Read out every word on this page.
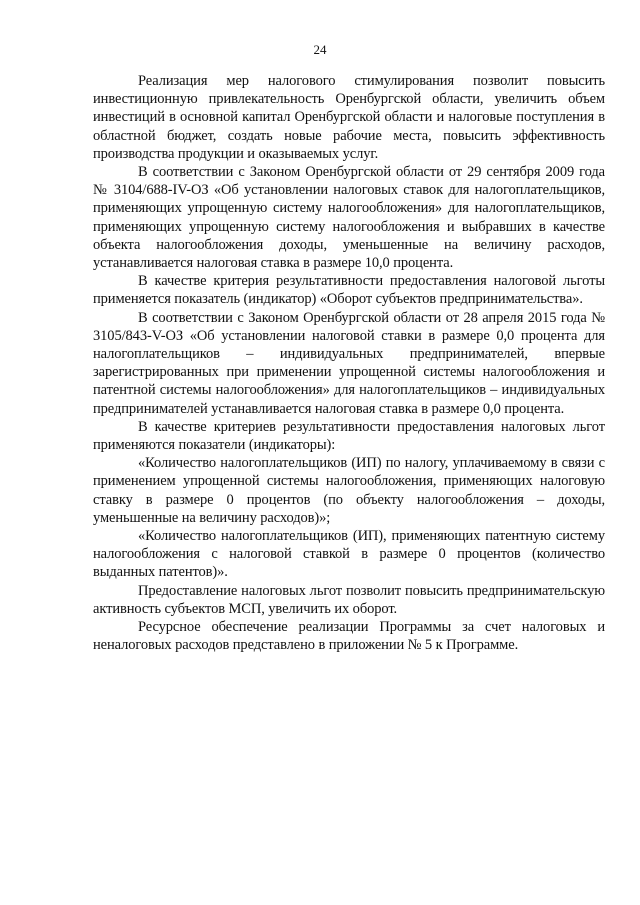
24

Реализация мер налогового стимулирования позволит повысить инвестиционную привлекательность Оренбургской области, увеличить объем инвестиций в основной капитал Оренбургской области и налоговые поступления в областной бюджет, создать новые рабочие места, повысить эффективность производства продукции и оказываемых услуг.

В соответствии с Законом Оренбургской области от 29 сентября 2009 года № 3104/688-IV-ОЗ «Об установлении налоговых ставок для налогоплательщиков, применяющих упрощенную систему налогообложения» для налогоплательщиков, применяющих упрощенную систему налогообложения и выбравших в качестве объекта налогообложения доходы, уменьшенные на величину расходов, устанавливается налоговая ставка в размере 10,0 процента.

В качестве критерия результативности предоставления налоговой льготы применяется показатель (индикатор) «Оборот субъектов предпринимательства».

В соответствии с Законом Оренбургской области от 28 апреля 2015 года № 3105/843-V-ОЗ «Об установлении налоговой ставки в размере 0,0 процента для налогоплательщиков – индивидуальных предпринимателей, впервые зарегистрированных при применении упрощенной системы налогообложения и патентной системы налогообложения» для налогоплательщиков – индивидуальных предпринимателей устанавливается налоговая ставка в размере 0,0 процента.

В качестве критериев результативности предоставления налоговых льгот применяются показатели (индикаторы):

«Количество налогоплательщиков (ИП) по налогу, уплачиваемому в связи с применением упрощенной системы налогообложения, применяющих налоговую ставку в размере 0 процентов (по объекту налогообложения – доходы, уменьшенные на величину расходов)»;

«Количество налогоплательщиков (ИП), применяющих патентную систему налогообложения с налоговой ставкой в размере 0 процентов (количество выданных патентов)».

Предоставление налоговых льгот позволит повысить предпринимательскую активность субъектов МСП, увеличить их оборот.

Ресурсное обеспечение реализации Программы за счет налоговых и неналоговых расходов представлено в приложении № 5 к Программе.
